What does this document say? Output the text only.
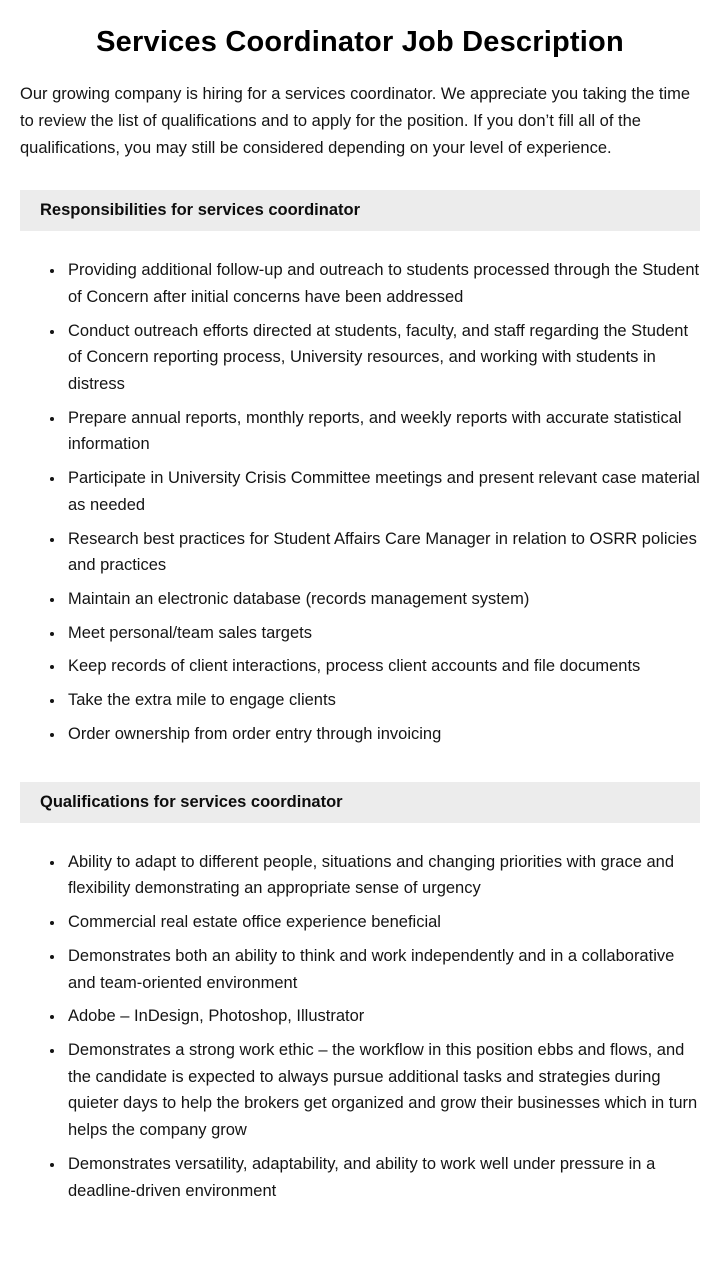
Services Coordinator Job Description

Our growing company is hiring for a services coordinator. We appreciate you taking the time to review the list of qualifications and to apply for the position. If you don’t fill all of the qualifications, you may still be considered depending on your level of experience.

Responsibilities for services coordinator
• Providing additional follow-up and outreach to students processed through the Student of Concern after initial concerns have been addressed
• Conduct outreach efforts directed at students, faculty, and staff regarding the Student of Concern reporting process, University resources, and working with students in distress
• Prepare annual reports, monthly reports, and weekly reports with accurate statistical information
• Participate in University Crisis Committee meetings and present relevant case material as needed
• Research best practices for Student Affairs Care Manager in relation to OSRR policies and practices
• Maintain an electronic database (records management system)
• Meet personal/team sales targets
• Keep records of client interactions, process client accounts and file documents
• Take the extra mile to engage clients
• Order ownership from order entry through invoicing
Qualifications for services coordinator
• Ability to adapt to different people, situations and changing priorities with grace and flexibility demonstrating an appropriate sense of urgency
• Commercial real estate office experience beneficial
• Demonstrates both an ability to think and work independently and in a collaborative and team-oriented environment
• Adobe – InDesign, Photoshop, Illustrator
• Demonstrates a strong work ethic – the workflow in this position ebbs and flows, and the candidate is expected to always pursue additional tasks and strategies during quieter days to help the brokers get organized and grow their businesses which in turn helps the company grow
• Demonstrates versatility, adaptability, and ability to work well under pressure in a deadline-driven environment
